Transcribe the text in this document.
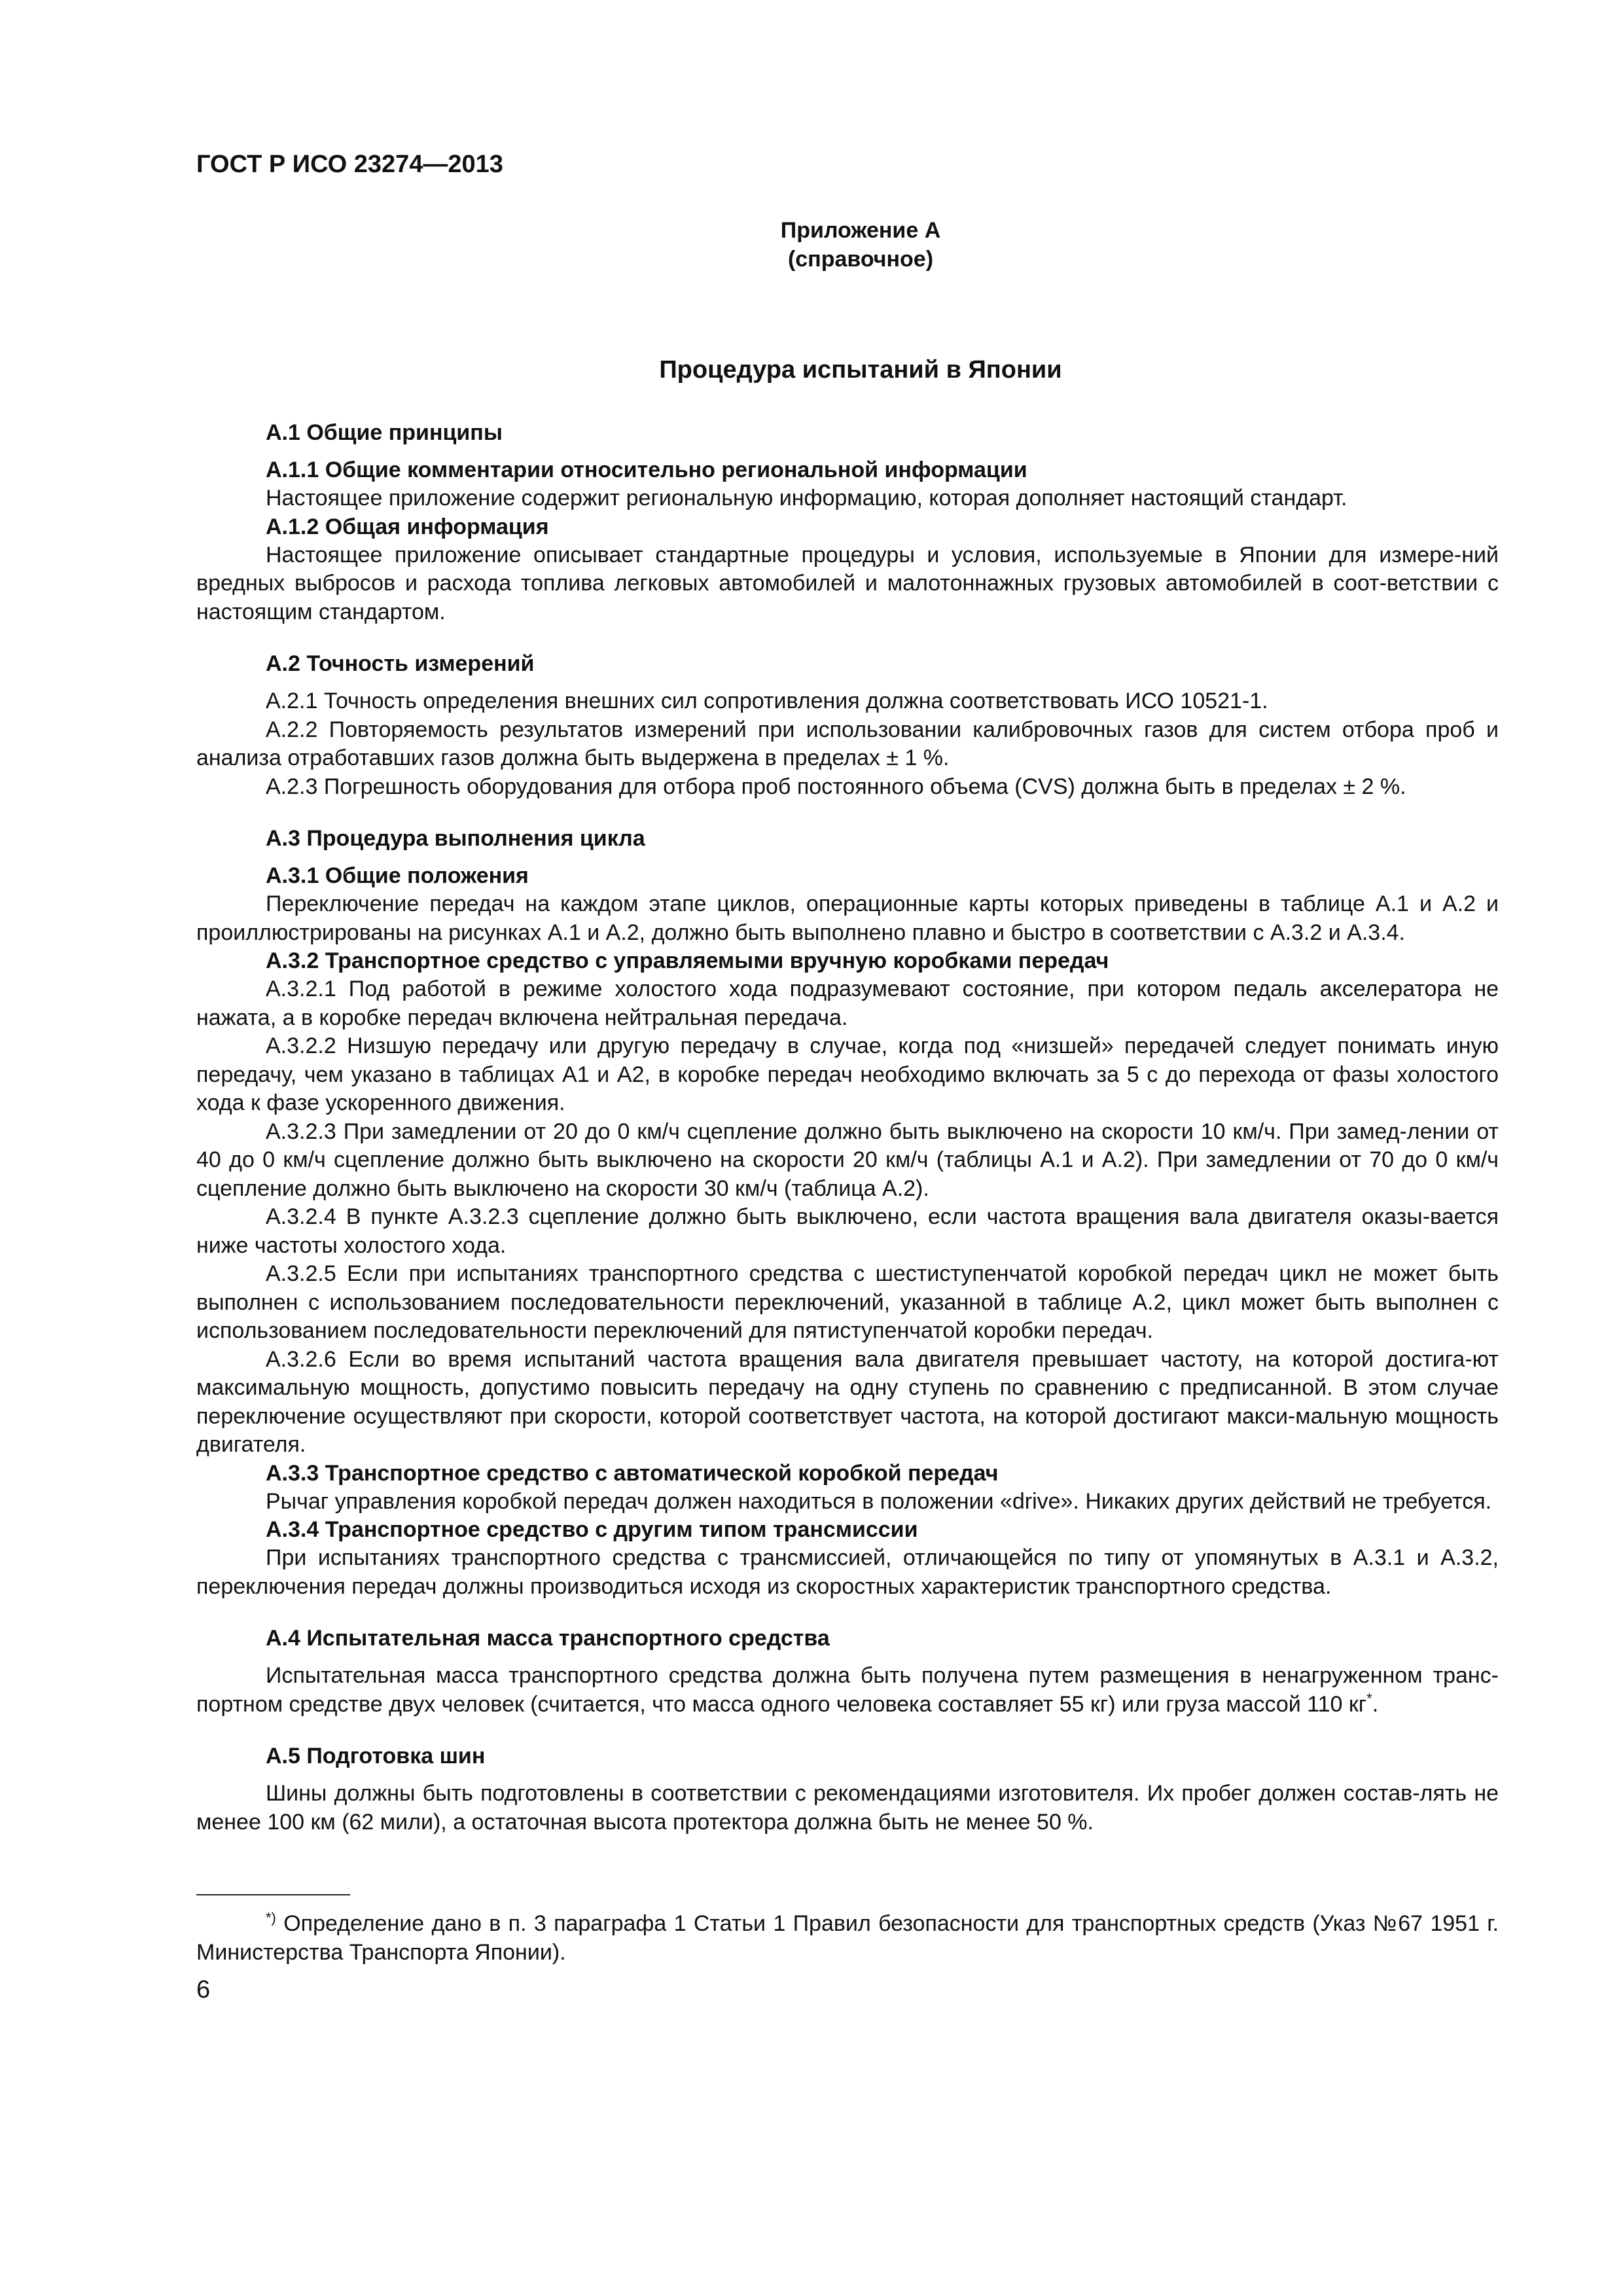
ГОСТ Р ИСО 23274—2013
Приложение А
(справочное)
Процедура испытаний в Японии
А.1 Общие принципы
А.1.1 Общие комментарии относительно региональной информации

Настоящее приложение содержит региональную информацию, которая дополняет настоящий стандарт.

А.1.2 Общая информация

Настоящее приложение описывает стандартные процедуры и условия, используемые в Японии для измере-ний вредных выбросов и расхода топлива легковых автомобилей и малотоннажных грузовых автомобилей в соот-ветствии с настоящим стандартом.

А.2 Точность измерений

А.2.1 Точность определения внешних сил сопротивления должна соответствовать ИСО 10521-1.

А.2.2 Повторяемость результатов измерений при использовании калибровочных газов для систем отбора проб и анализа отработавших газов должна быть выдержена в пределах ± 1 %.

А.2.3 Погрешность оборудования для отбора проб постоянного объема (CVS) должна быть в пределах ± 2 %.

А.3 Процедура выполнения цикла
А.3.1 Общие положения

Переключение передач на каждом этапе циклов, операционные карты которых приведены в таблице А.1 и А.2 и проиллюстрированы на рисунках А.1 и А.2, должно быть выполнено плавно и быстро в соответствии с А.3.2 и А.3.4.

А.3.2 Транспортное средство с управляемыми вручную коробками передач

А.3.2.1 Под работой в режиме холостого хода подразумевают состояние, при котором педаль акселератора не нажата, а в коробке передач включена нейтральная передача.

А.3.2.2 Низшую передачу или другую передачу в случае, когда под «низшей» передачей следует понимать иную передачу, чем указано в таблицах А1 и А2, в коробке передач необходимо включать за 5 с до перехода от фазы холостого хода к фазе ускоренного движения.

А.3.2.3 При замедлении от 20 до 0 км/ч сцепление должно быть выключено на скорости 10 км/ч. При замед-лении от 40 до 0 км/ч сцепление должно быть выключено на скорости 20 км/ч (таблицы А.1 и А.2). При замедлении от 70 до 0 км/ч сцепление должно быть выключено на скорости 30 км/ч (таблица А.2).

А.3.2.4 В пункте А.3.2.3 сцепление должно быть выключено, если частота вращения вала двигателя оказы-вается ниже частоты холостого хода.

А.3.2.5 Если при испытаниях транспортного средства с шестиступенчатой коробкой передач цикл не может быть выполнен с использованием последовательности переключений, указанной в таблице А.2, цикл может быть выполнен с использованием последовательности переключений для пятиступенчатой коробки передач.

А.3.2.6 Если во время испытаний частота вращения вала двигателя превышает частоту, на которой достига-ют максимальную мощность, допустимо повысить передачу на одну ступень по сравнению с предписанной. В этом случае переключение осуществляют при скорости, которой соответствует частота, на которой достигают макси-мальную мощность двигателя.

А.3.3 Транспортное средство с автоматической коробкой передач

Рычаг управления коробкой передач должен находиться в положении «drive». Никаких других действий не требуется.

А.3.4 Транспортное средство с другим типом трансмиссии

При испытаниях транспортного средства с трансмиссией, отличающейся по типу от упомянутых в А.3.1 и А.3.2, переключения передач должны производиться исходя из скоростных характеристик транспортного средства.

А.4 Испытательная масса транспортного средства

Испытательная масса транспортного средства должна быть получена путем размещения в ненагруженном транс-портном средстве двух человек (считается, что масса одного человека составляет 55 кг) или груза массой 110 кг*.

А.5 Подготовка шин

Шины должны быть подготовлены в соответствии с рекомендациями изготовителя. Их пробег должен состав-лять не менее 100 км (62 мили), а остаточная высота протектора должна быть не менее 50 %.

*) Определение дано в п. 3 параграфа 1 Статьи 1 Правил безопасности для транспортных средств (Указ №67 1951 г. Министерства Транспорта Японии).
6
